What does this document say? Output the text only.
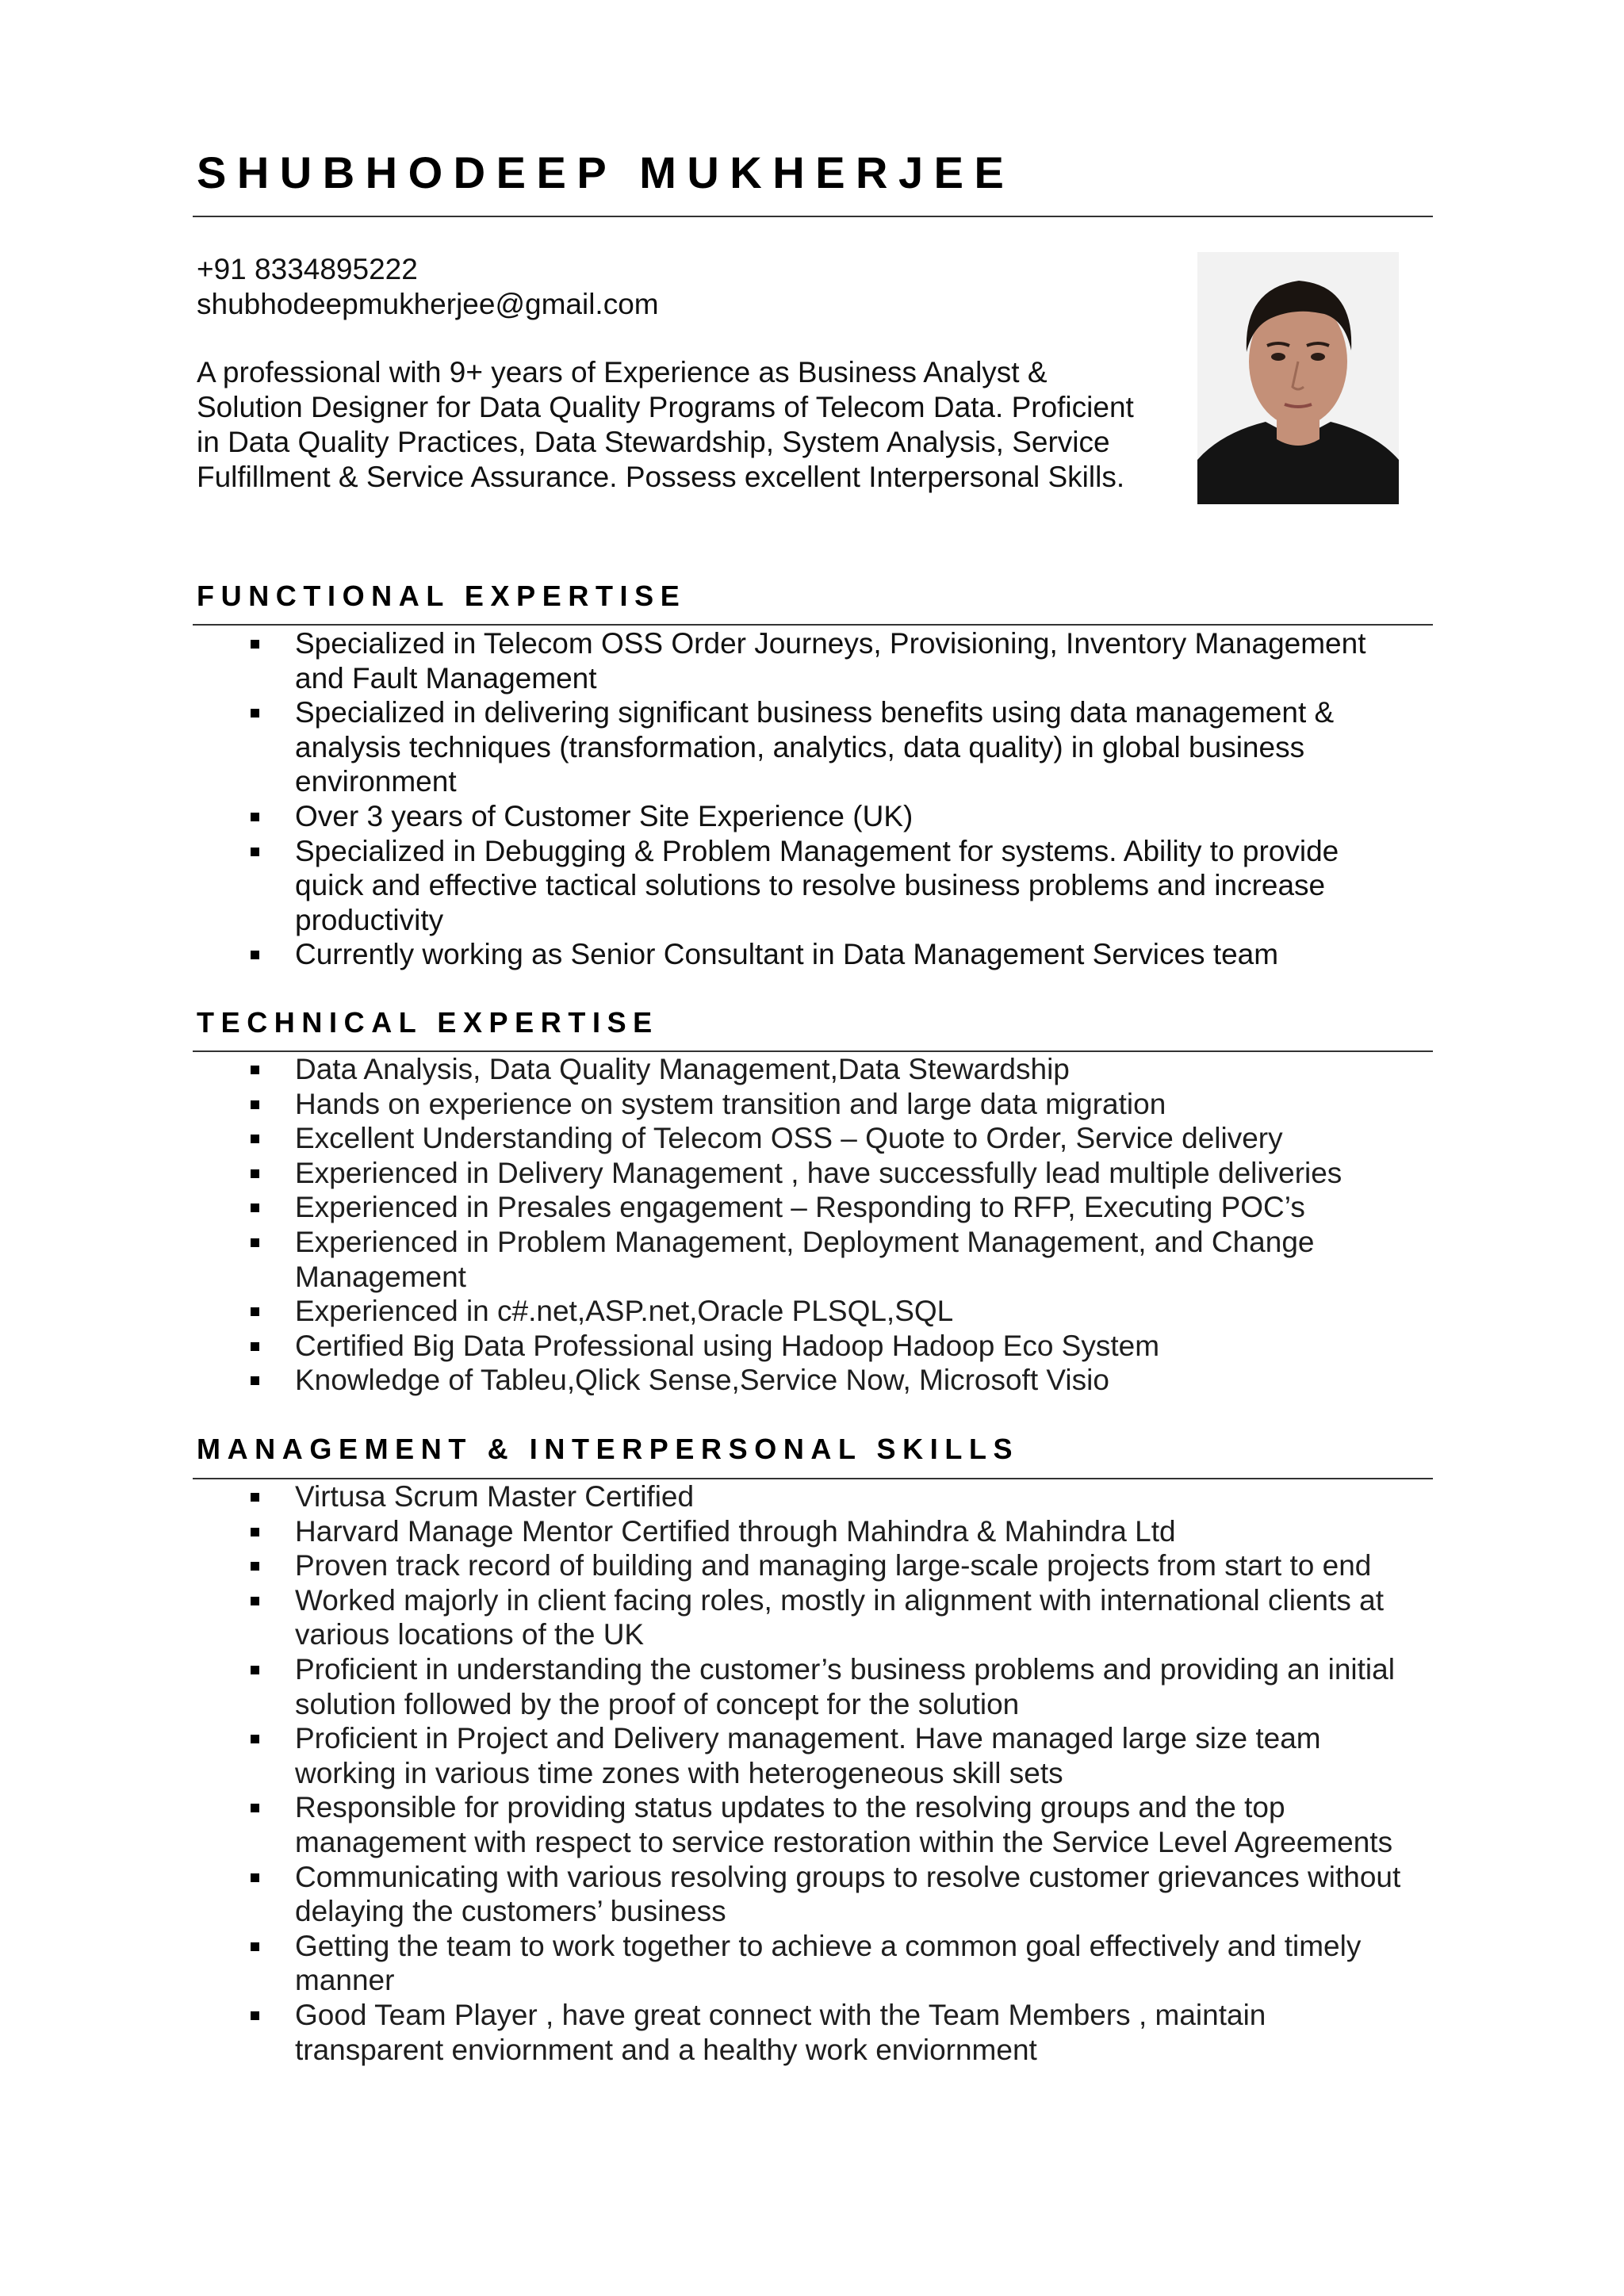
SHUBHODEEP MUKHERJEE
+91 8334895222
shubhodeepmukherjee@gmail.com
A professional with 9+ years of Experience as Business Analyst &
Solution Designer for Data Quality Programs of Telecom Data. Proficient
in Data Quality Practices, Data Stewardship, System Analysis, Service
Fulfillment & Service Assurance. Possess excellent Interpersonal Skills.
FUNCTIONAL EXPERTISE
Specialized in Telecom OSS Order Journeys, Provisioning, Inventory Management
and Fault Management
Specialized in delivering significant business benefits using data management &
analysis techniques (transformation, analytics, data quality) in global business
environment
Over 3 years of Customer Site Experience (UK)
Specialized in Debugging & Problem Management for systems. Ability to provide
quick and effective tactical solutions to resolve business problems and increase
productivity
Currently working as Senior Consultant in Data Management Services team
TECHNICAL EXPERTISE
Data Analysis, Data Quality Management,Data Stewardship
Hands on experience on system transition and large data migration
Excellent Understanding of Telecom OSS – Quote to Order, Service delivery
Experienced in Delivery Management , have successfully lead multiple deliveries
Experienced in Presales engagement – Responding to RFP, Executing POC’s
Experienced in Problem Management, Deployment Management, and Change
Management
Experienced in c#.net,ASP.net,Oracle PLSQL,SQL
Certified Big Data Professional using Hadoop Hadoop Eco System
Knowledge of Tableu,Qlick Sense,Service Now, Microsoft Visio
MANAGEMENT & INTERPERSONAL SKILLS
Virtusa Scrum Master Certified
Harvard Manage Mentor Certified through Mahindra & Mahindra Ltd
Proven track record of building and managing large-scale projects from start to end
Worked majorly in client facing roles, mostly in alignment with international clients at
various locations of the UK
Proficient in understanding the customer’s business problems and providing an initial
solution followed by the proof of concept for the solution
Proficient in Project and Delivery management. Have managed large size team
working in various time zones with heterogeneous skill sets
Responsible for providing status updates to the resolving groups and the top
management with respect to service restoration within the Service Level Agreements
Communicating with various resolving groups to resolve customer grievances without
delaying the customers’ business
Getting the team to work together to achieve a common goal effectively and timely
manner
Good Team Player , have great connect with the Team Members , maintain
transparent enviornment and a healthy work enviornment
